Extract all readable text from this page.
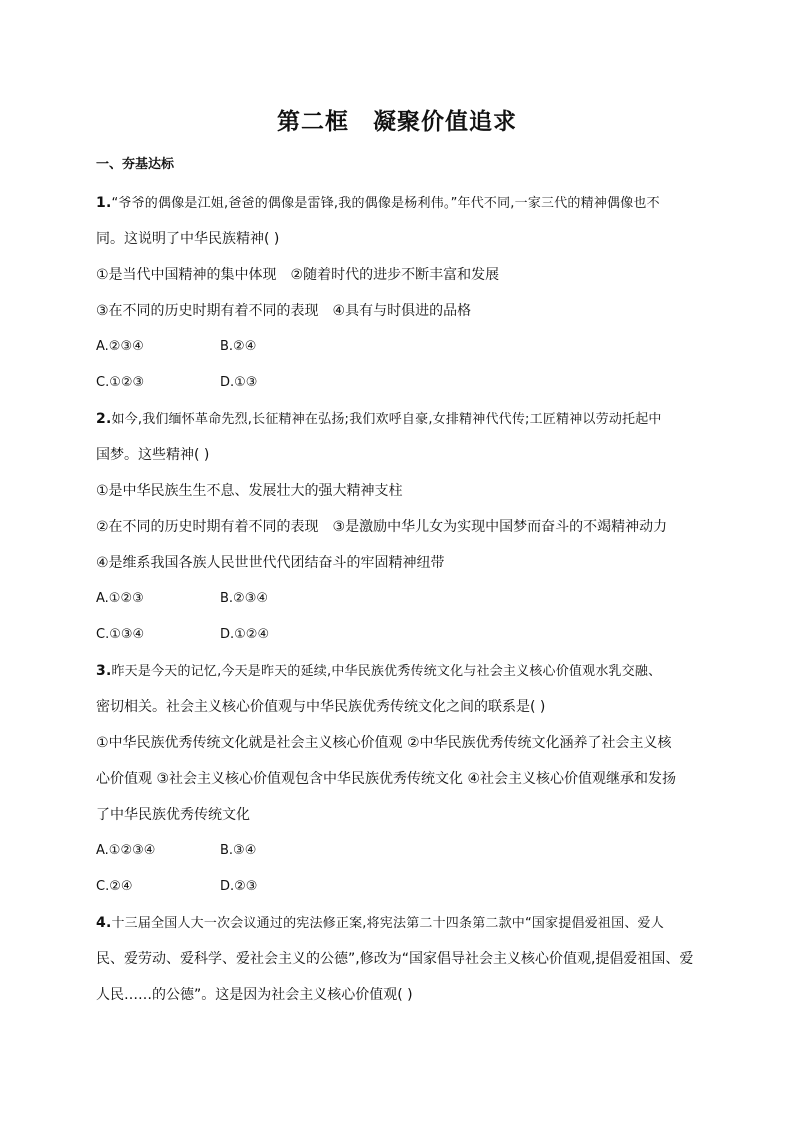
第二框　凝聚价值追求
一、夯基达标
1.“爷爷的偶像是江姐,爸爸的偶像是雷锋,我的偶像是杨利伟。”年代不同,一家三代的精神偶像也不
同。这说明了中华民族精神( )
①是当代中国精神的集中体现　②随着时代的进步不断丰富和发展
③在不同的历史时期有着不同的表现　④具有与时俱进的品格
A.②③④	B.②④
C.①②③	D.①③
2.如今,我们缅怀革命先烈,长征精神在弘扬;我们欢呼自豪,女排精神代代传;工匠精神以劳动托起中
国梦。这些精神( )
①是中华民族生生不息、发展壮大的强大精神支柱
②在不同的历史时期有着不同的表现　③是激励中华儿女为实现中国梦而奋斗的不竭精神动力
④是维系我国各族人民世世代代团结奋斗的牢固精神纽带
A.①②③	B.②③④
C.①③④	D.①②④
3.昨天是今天的记忆,今天是昨天的延续,中华民族优秀传统文化与社会主义核心价值观水乳交融、
密切相关。社会主义核心价值观与中华民族优秀传统文化之间的联系是( )
①中华民族优秀传统文化就是社会主义核心价值观 ②中华民族优秀传统文化涵养了社会主义核
心价值观 ③社会主义核心价值观包含中华民族优秀传统文化 ④社会主义核心价值观继承和发扬
了中华民族优秀传统文化
A.①②③④	B.③④
C.②④	D.②③
4.十三届全国人大一次会议通过的宪法修正案,将宪法第二十四条第二款中“国家提倡爱祖国、爱人
民、爱劳动、爱科学、爱社会主义的公德”,修改为“国家倡导社会主义核心价值观,提倡爱祖国、爱
人民……的公德”。这是因为社会主义核心价值观( )
